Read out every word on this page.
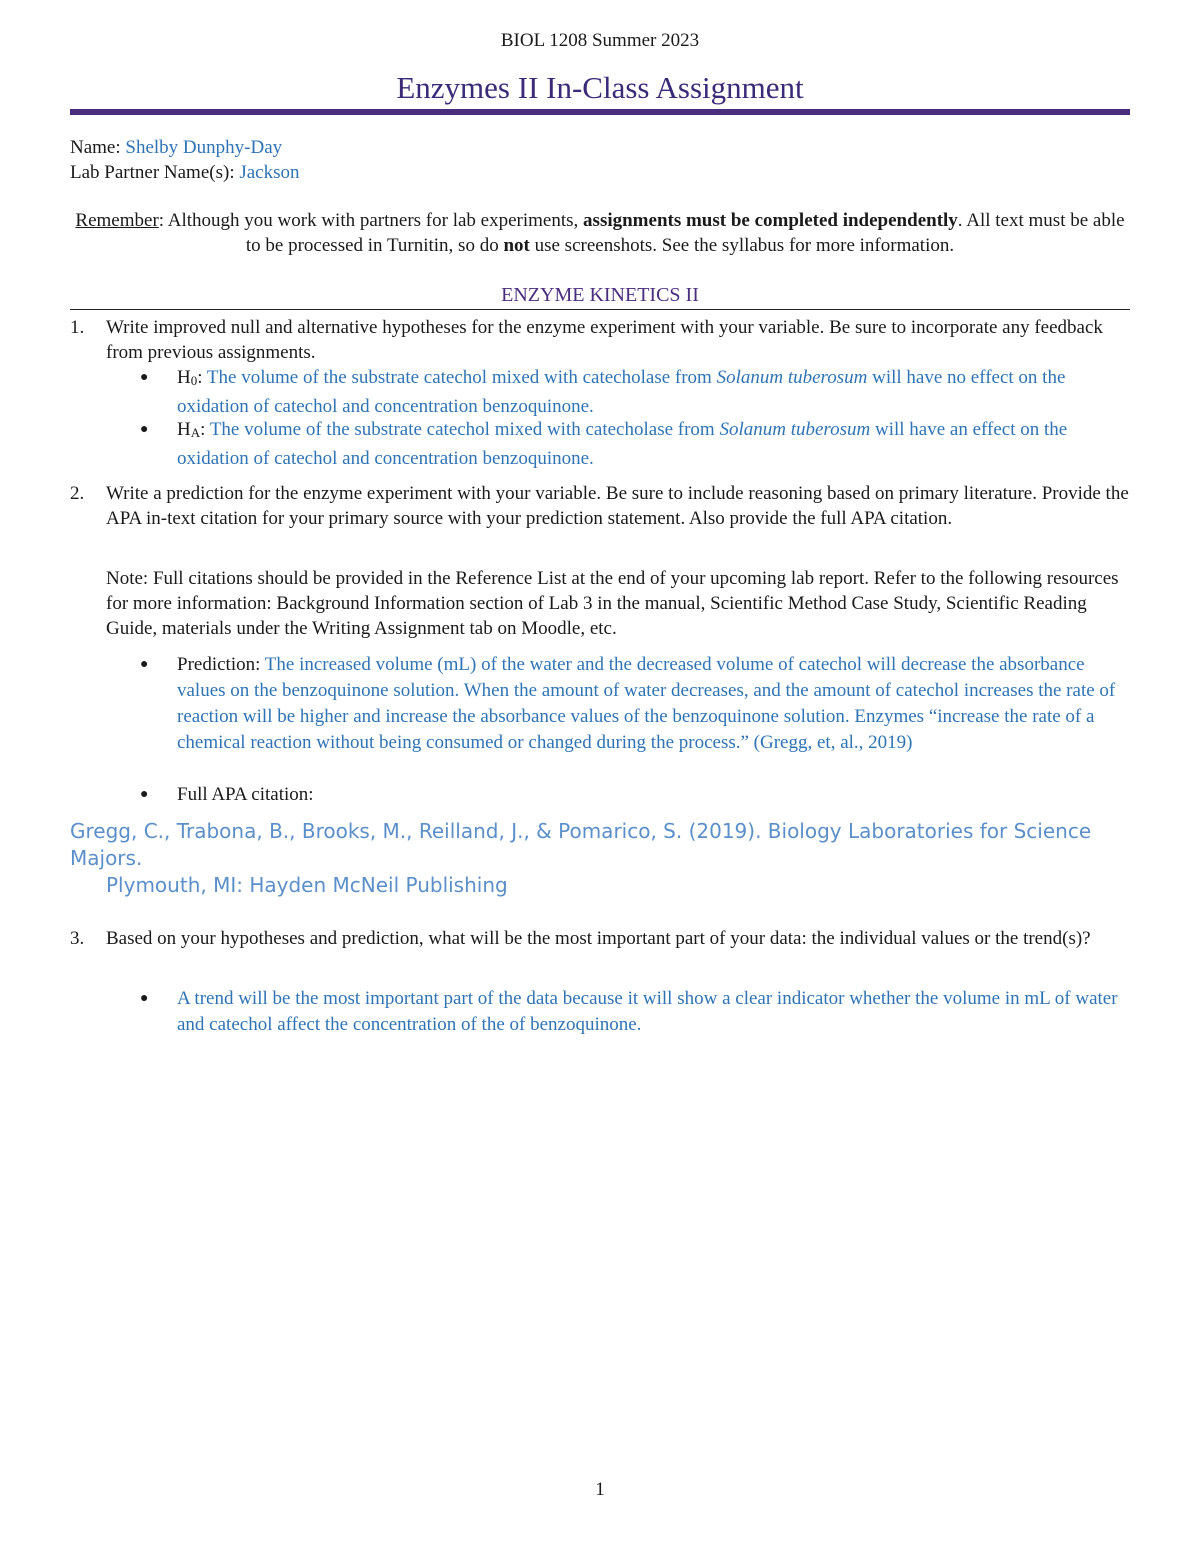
BIOL 1208 Summer 2023
Enzymes II In-Class Assignment
Name: Shelby Dunphy-Day
Lab Partner Name(s): Jackson
Remember: Although you work with partners for lab experiments, assignments must be completed independently. All text must be able to be processed in Turnitin, so do not use screenshots. See the syllabus for more information.
ENZYME KINETICS II
1.	Write improved null and alternative hypotheses for the enzyme experiment with your variable. Be sure to incorporate any feedback from previous assignments.
● $H_0$: The volume of the substrate catechol mixed with catecholase from Solanum tuberosum will have no effect on the oxidation of catechol and concentration benzoquinone.
● $H_A$: The volume of the substrate catechol mixed with catecholase from Solanum tuberosum will have an effect on the oxidation of catechol and concentration benzoquinone.
2.	Write a prediction for the enzyme experiment with your variable. Be sure to include reasoning based on primary literature. Provide the APA in-text citation for your primary source with your prediction statement. Also provide the full APA citation.
Note: Full citations should be provided in the Reference List at the end of your upcoming lab report. Refer to the following resources for more information: Background Information section of Lab 3 in the manual, Scientific Method Case Study, Scientific Reading Guide, materials under the Writing Assignment tab on Moodle, etc.
● Prediction: The increased volume (mL) of the water and the decreased volume of catechol will decrease the absorbance values on the benzoquinone solution. When the amount of water decreases, and the amount of catechol increases the rate of reaction will be higher and increase the absorbance values of the benzoquinone solution. Enzymes “increase the rate of a chemical reaction without being consumed or changed during the process.” (Gregg, et, al., 2019)
● Full APA citation:
Gregg, C., Trabona, B., Brooks, M., Reilland, J., & Pomarico, S. (2019). Biology Laboratories for Science Majors.
Plymouth, MI: Hayden McNeil Publishing
3.	Based on your hypotheses and prediction, what will be the most important part of your data: the individual values or the trend(s)?
● A trend will be the most important part of the data because it will show a clear indicator whether the volume in mL of water and catechol affect the concentration of the of benzoquinone.
1
